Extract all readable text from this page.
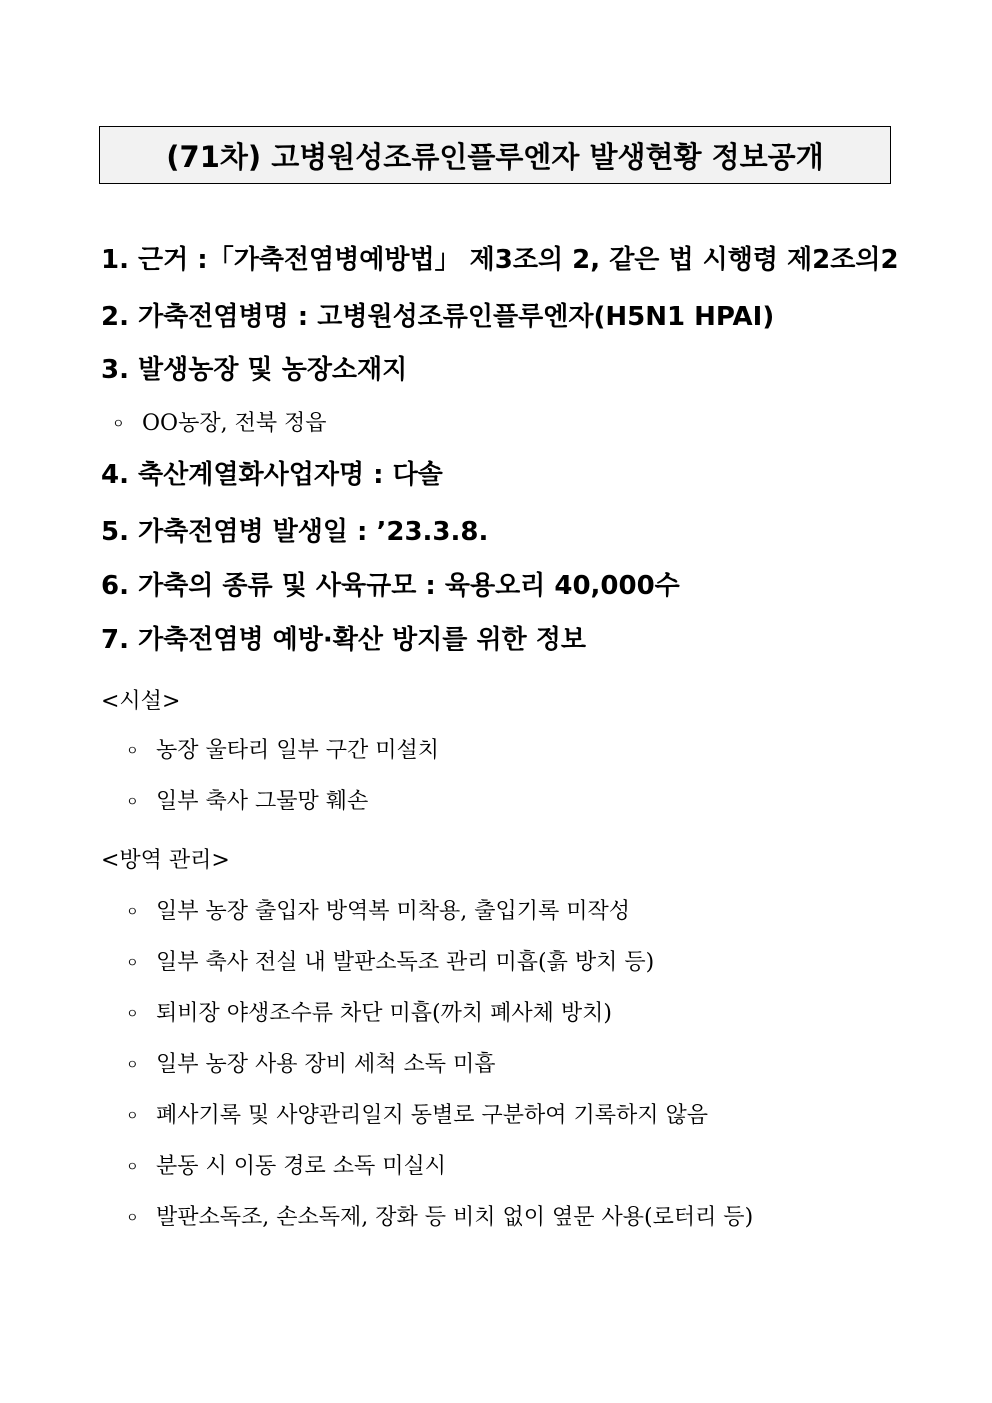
(71차) 고병원성조류인플루엔자 발생현황 정보공개
1. 근거 :「가축전염병예방법」 제3조의 2, 같은 법 시행령 제2조의2
2. 가축전염병명 : 고병원성조류인플루엔자(H5N1 HPAI)
3. 발생농장 및 농장소재지
ㅇ OO농장, 전북 정읍
4. 축산계열화사업자명 : 다솔
5. 가축전염병 발생일 : ’23.3.8.
6. 가축의 종류 및 사육규모 : 육용오리 40,000수
7. 가축전염병 예방·확산 방지를 위한 정보
<시설>
ㅇ 농장 울타리 일부 구간 미설치
ㅇ 일부 축사 그물망 훼손
<방역 관리>
ㅇ 일부 농장 출입자 방역복 미착용, 출입기록 미작성
ㅇ 일부 축사 전실 내 발판소독조 관리 미흡(흙 방치 등)
ㅇ 퇴비장 야생조수류 차단 미흡(까치 폐사체 방치)
ㅇ 일부 농장 사용 장비 세척 소독 미흡
ㅇ 폐사기록 및 사양관리일지 동별로 구분하여 기록하지 않음
ㅇ 분동 시 이동 경로 소독 미실시
ㅇ 발판소독조, 손소독제, 장화 등 비치 없이 옆문 사용(로터리 등)
